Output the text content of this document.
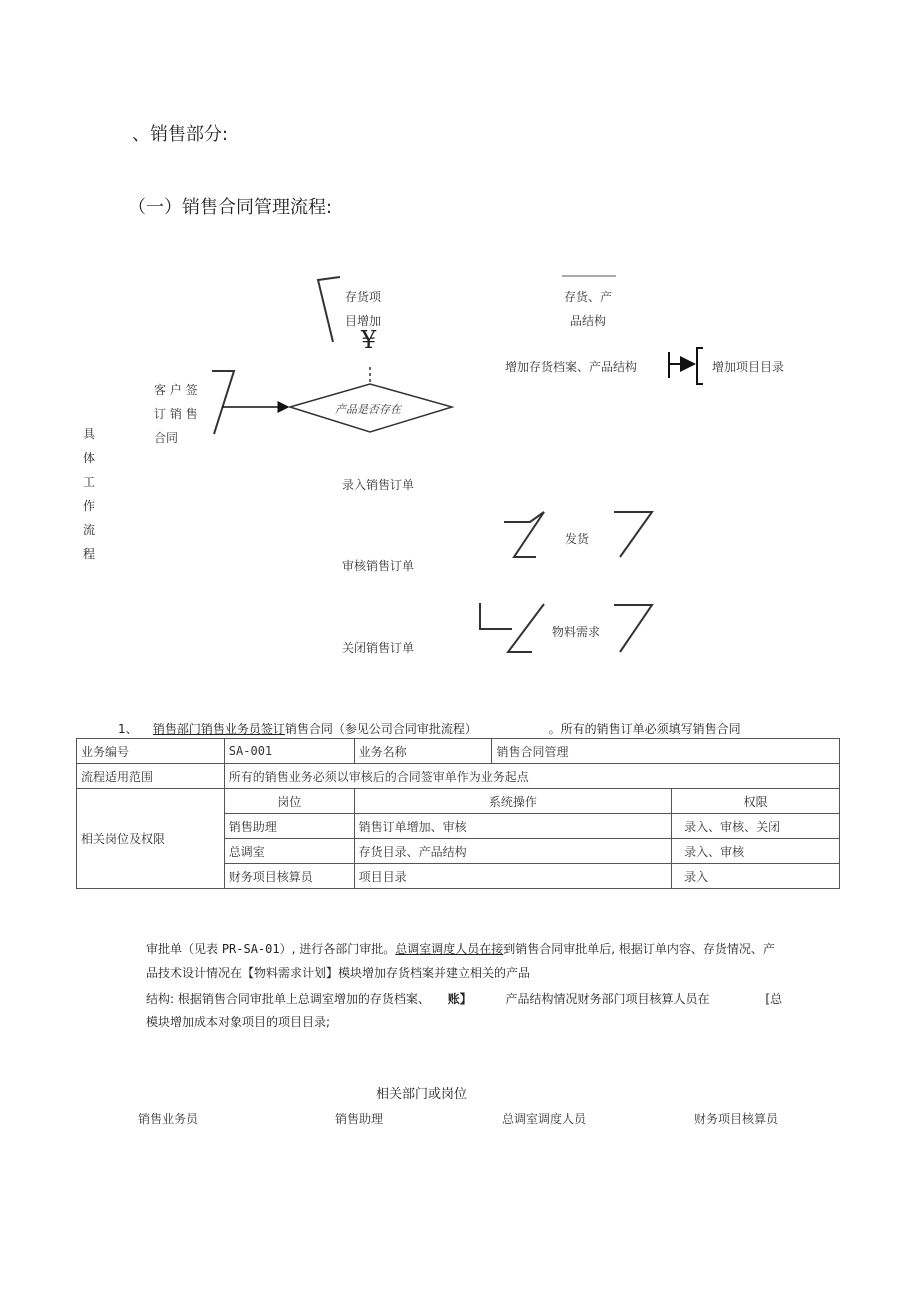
、销售部分:
（一）销售合同管理流程:
具
体
工
作
流
程
存货项
目增加
¥
存货、产
品结构
客 户 签
订 销 售
合同
产品是否存在
增加存货档案、产品结构	增加项目目录
录入销售订单
发货
审核销售订单
物料需求
关闭销售订单
1、 销售部门销售业务员签订销售合同（参见公司合同审批流程）	。所有的销售订单必须填写销售合同
业务编号	SA-001	业务名称	销售合同管理	
流程适用范围	所有的销售业务必须以审核后的合同签审单作为业务起点			
相关岗位及权限	岗位	系统操作		权限
	销售助理	销售订单增加、审核		录入、审核、关闭
	总调室	存货目录、产品结构		录入、审核
	财务项目核算员	项目目录		录入
审批单（见表 PR-SA-01）, 进行各部门审批。总调室调度人员在接到销售合同审批单后, 根据订单内容、存货情况、产
品技术设计情况在【物料需求计划】模块增加存货档案并建立相关的产品
结构: 根据销售合同审批单上总调室增加的存货档案、 账】	产品结构情况财务部门项目核算人员在	[总
模块增加成本对象项目的项目目录;
相关部门或岗位
销售业务员	销售助理	总调室调度人员	财务项目核算员
